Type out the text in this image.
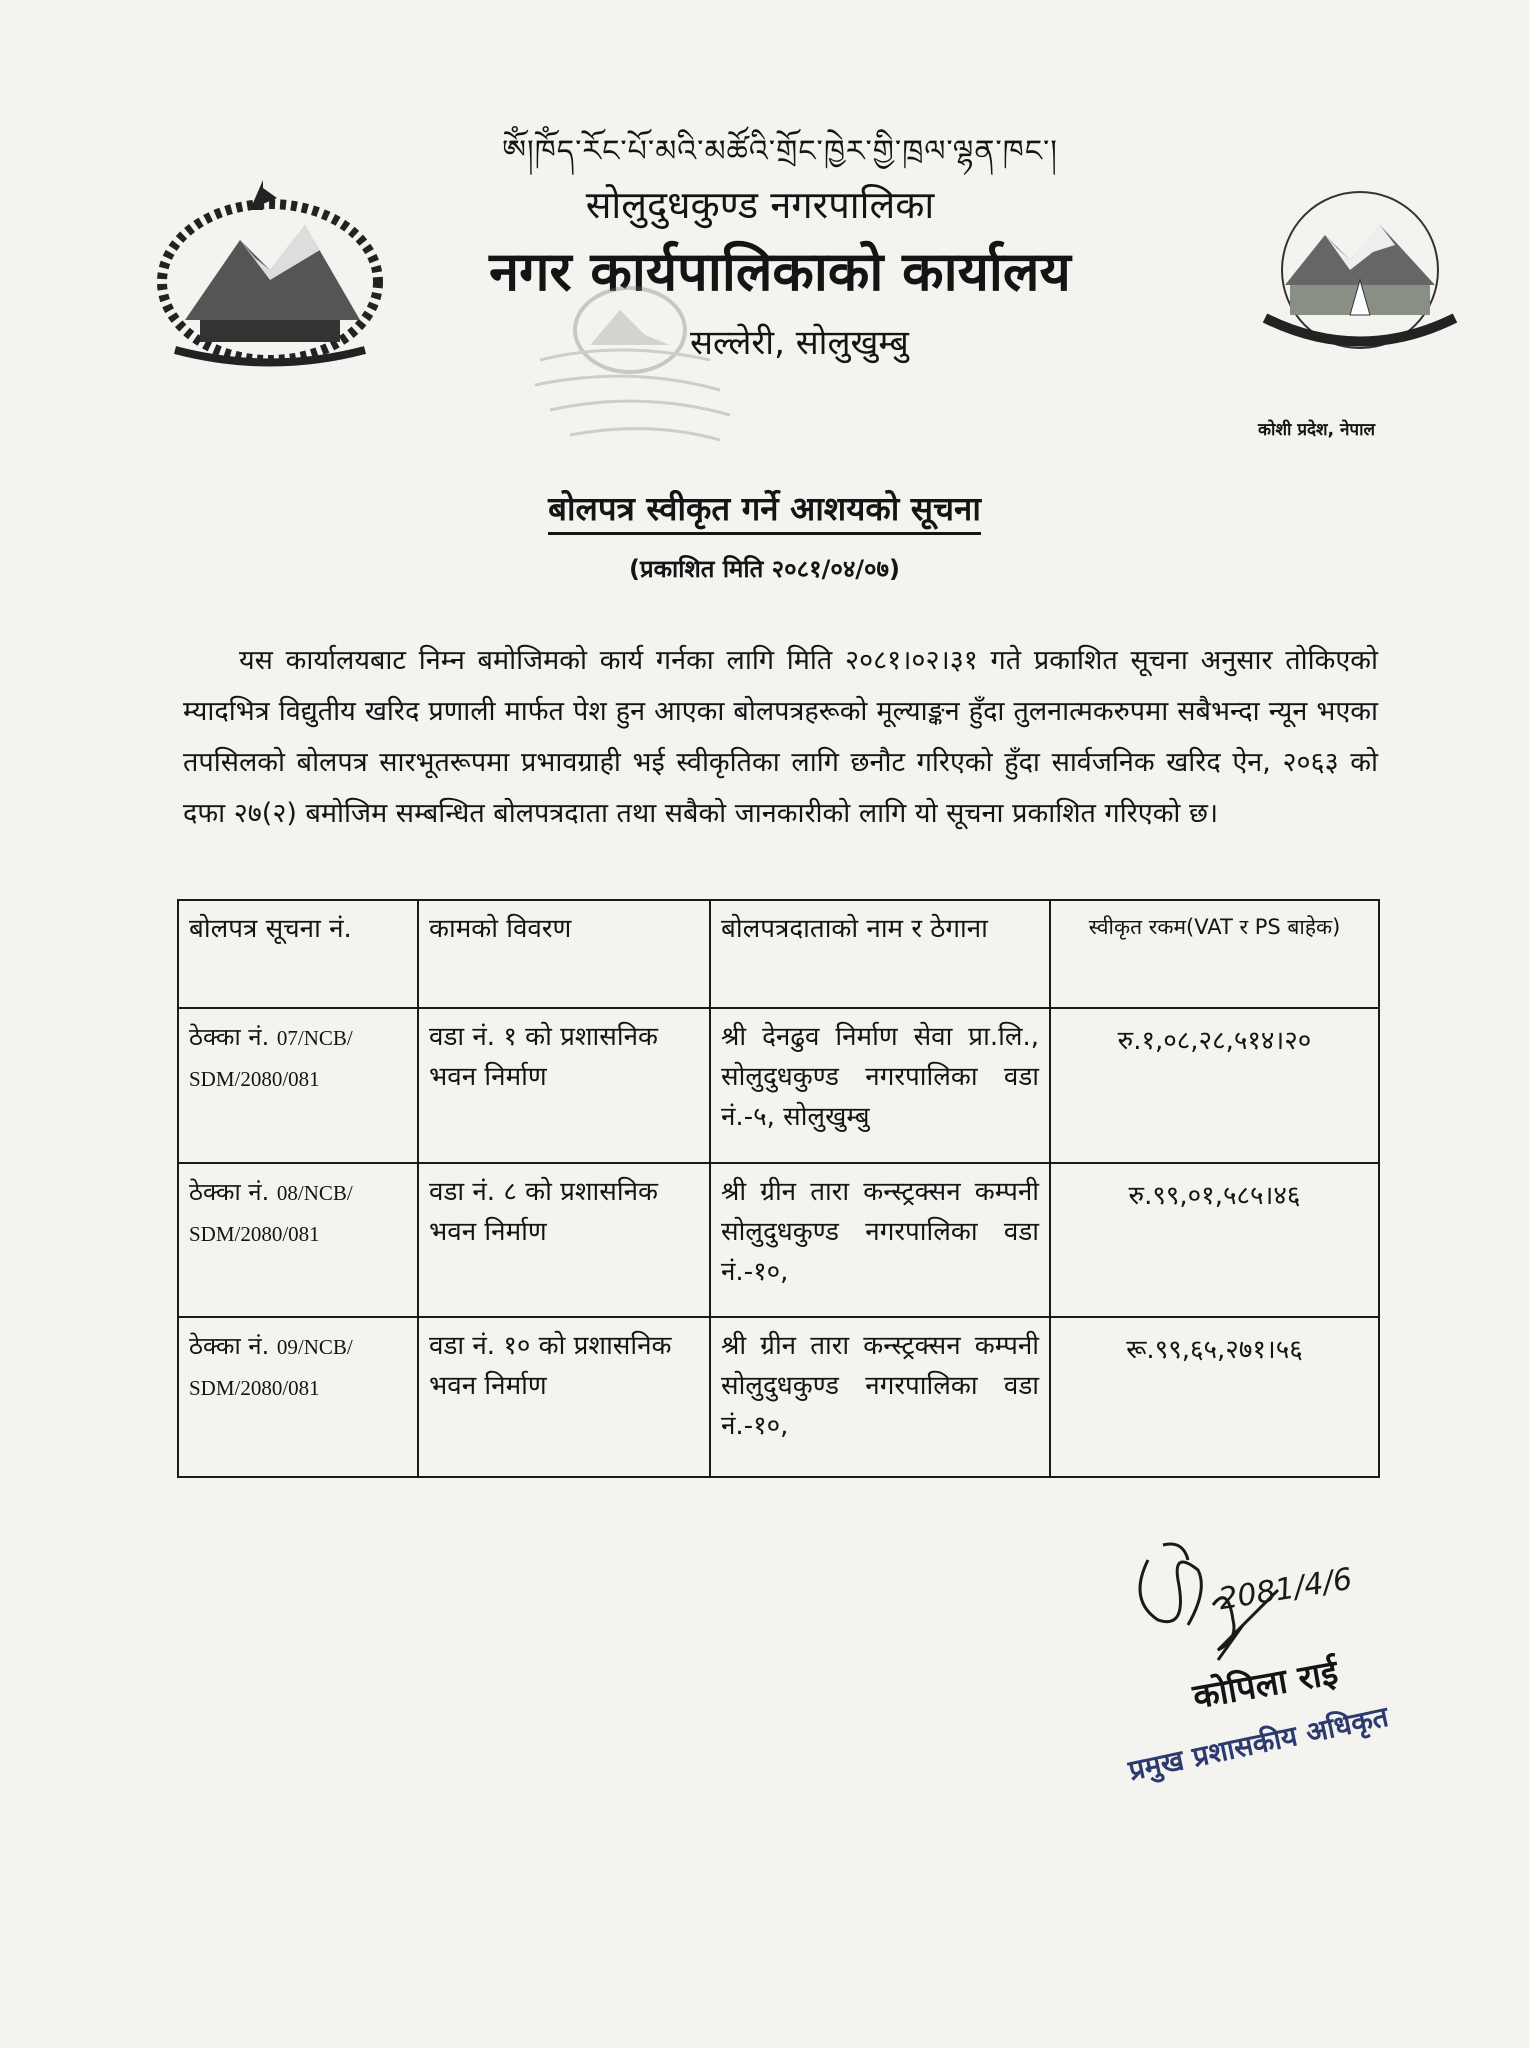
ཨོཾ།ཁོཾད་རོང་པོ་མའི་མཚོའི་གྲོང་ཁྱེར་གྱི་ཁྲལ་ལྷན་ཁང་།
सोलुदुधकुण्ड नगरपालिका
नगर कार्यपालिकाको कार्यालय
सल्लेरी, सोलुखुम्बु
कोशी प्रदेश, नेपाल
बोलपत्र स्वीकृत गर्ने आशयको सूचना
(प्रकाशित मिति २०८१/०४/०७)
यस कार्यालयबाट निम्न बमोजिमको कार्य गर्नका लागि मिति २०८१।०२।३१ गते प्रकाशित सूचना अनुसार तोकिएको म्यादभित्र विद्युतीय खरिद प्रणाली मार्फत पेश हुन आएका बोलपत्रहरूको मूल्याङ्कन हुँदा तुलनात्मकरुपमा सबैभन्दा न्यून भएका तपसिलको बोलपत्र सारभूतरूपमा प्रभावग्राही भई स्वीकृतिका लागि छनौट गरिएको हुँदा सार्वजनिक खरिद ऐन, २०६३ को दफा २७(२) बमोजिम सम्बन्धित बोलपत्रदाता तथा सबैको जानकारीको लागि यो सूचना प्रकाशित गरिएको छ।
बोलपत्र सूचना नं.	कामको विवरण	बोलपत्रदाताको नाम र ठेगाना	स्वीकृत रकम(VAT र PS बाहेक)
ठेक्का नं. 07/NCB/ SDM/2080/081	वडा नं. १ को प्रशासनिक भवन निर्माण	श्री देनढुव निर्माण सेवा प्रा.लि., सोलुदुधकुण्ड नगरपालिका वडा नं.-५, सोलुखुम्बु	रु.१,०८,२८,५१४।२०
ठेक्का नं. 08/NCB/ SDM/2080/081	वडा नं. ८ को प्रशासनिक भवन निर्माण	श्री ग्रीन तारा कन्स्ट्रक्सन कम्पनी सोलुदुधकुण्ड नगरपालिका वडा नं.-१०,	रु.९९,०१,५८५।४६
ठेक्का नं. 09/NCB/ SDM/2080/081	वडा नं. १० को प्रशासनिक भवन निर्माण	श्री ग्रीन तारा कन्स्ट्रक्सन कम्पनी सोलुदुधकुण्ड नगरपालिका वडा नं.-१०,	रू.९९,६५,२७१।५६
2081/4/6
कोपिला राई
प्रमुख प्रशासकीय अधिकृत
